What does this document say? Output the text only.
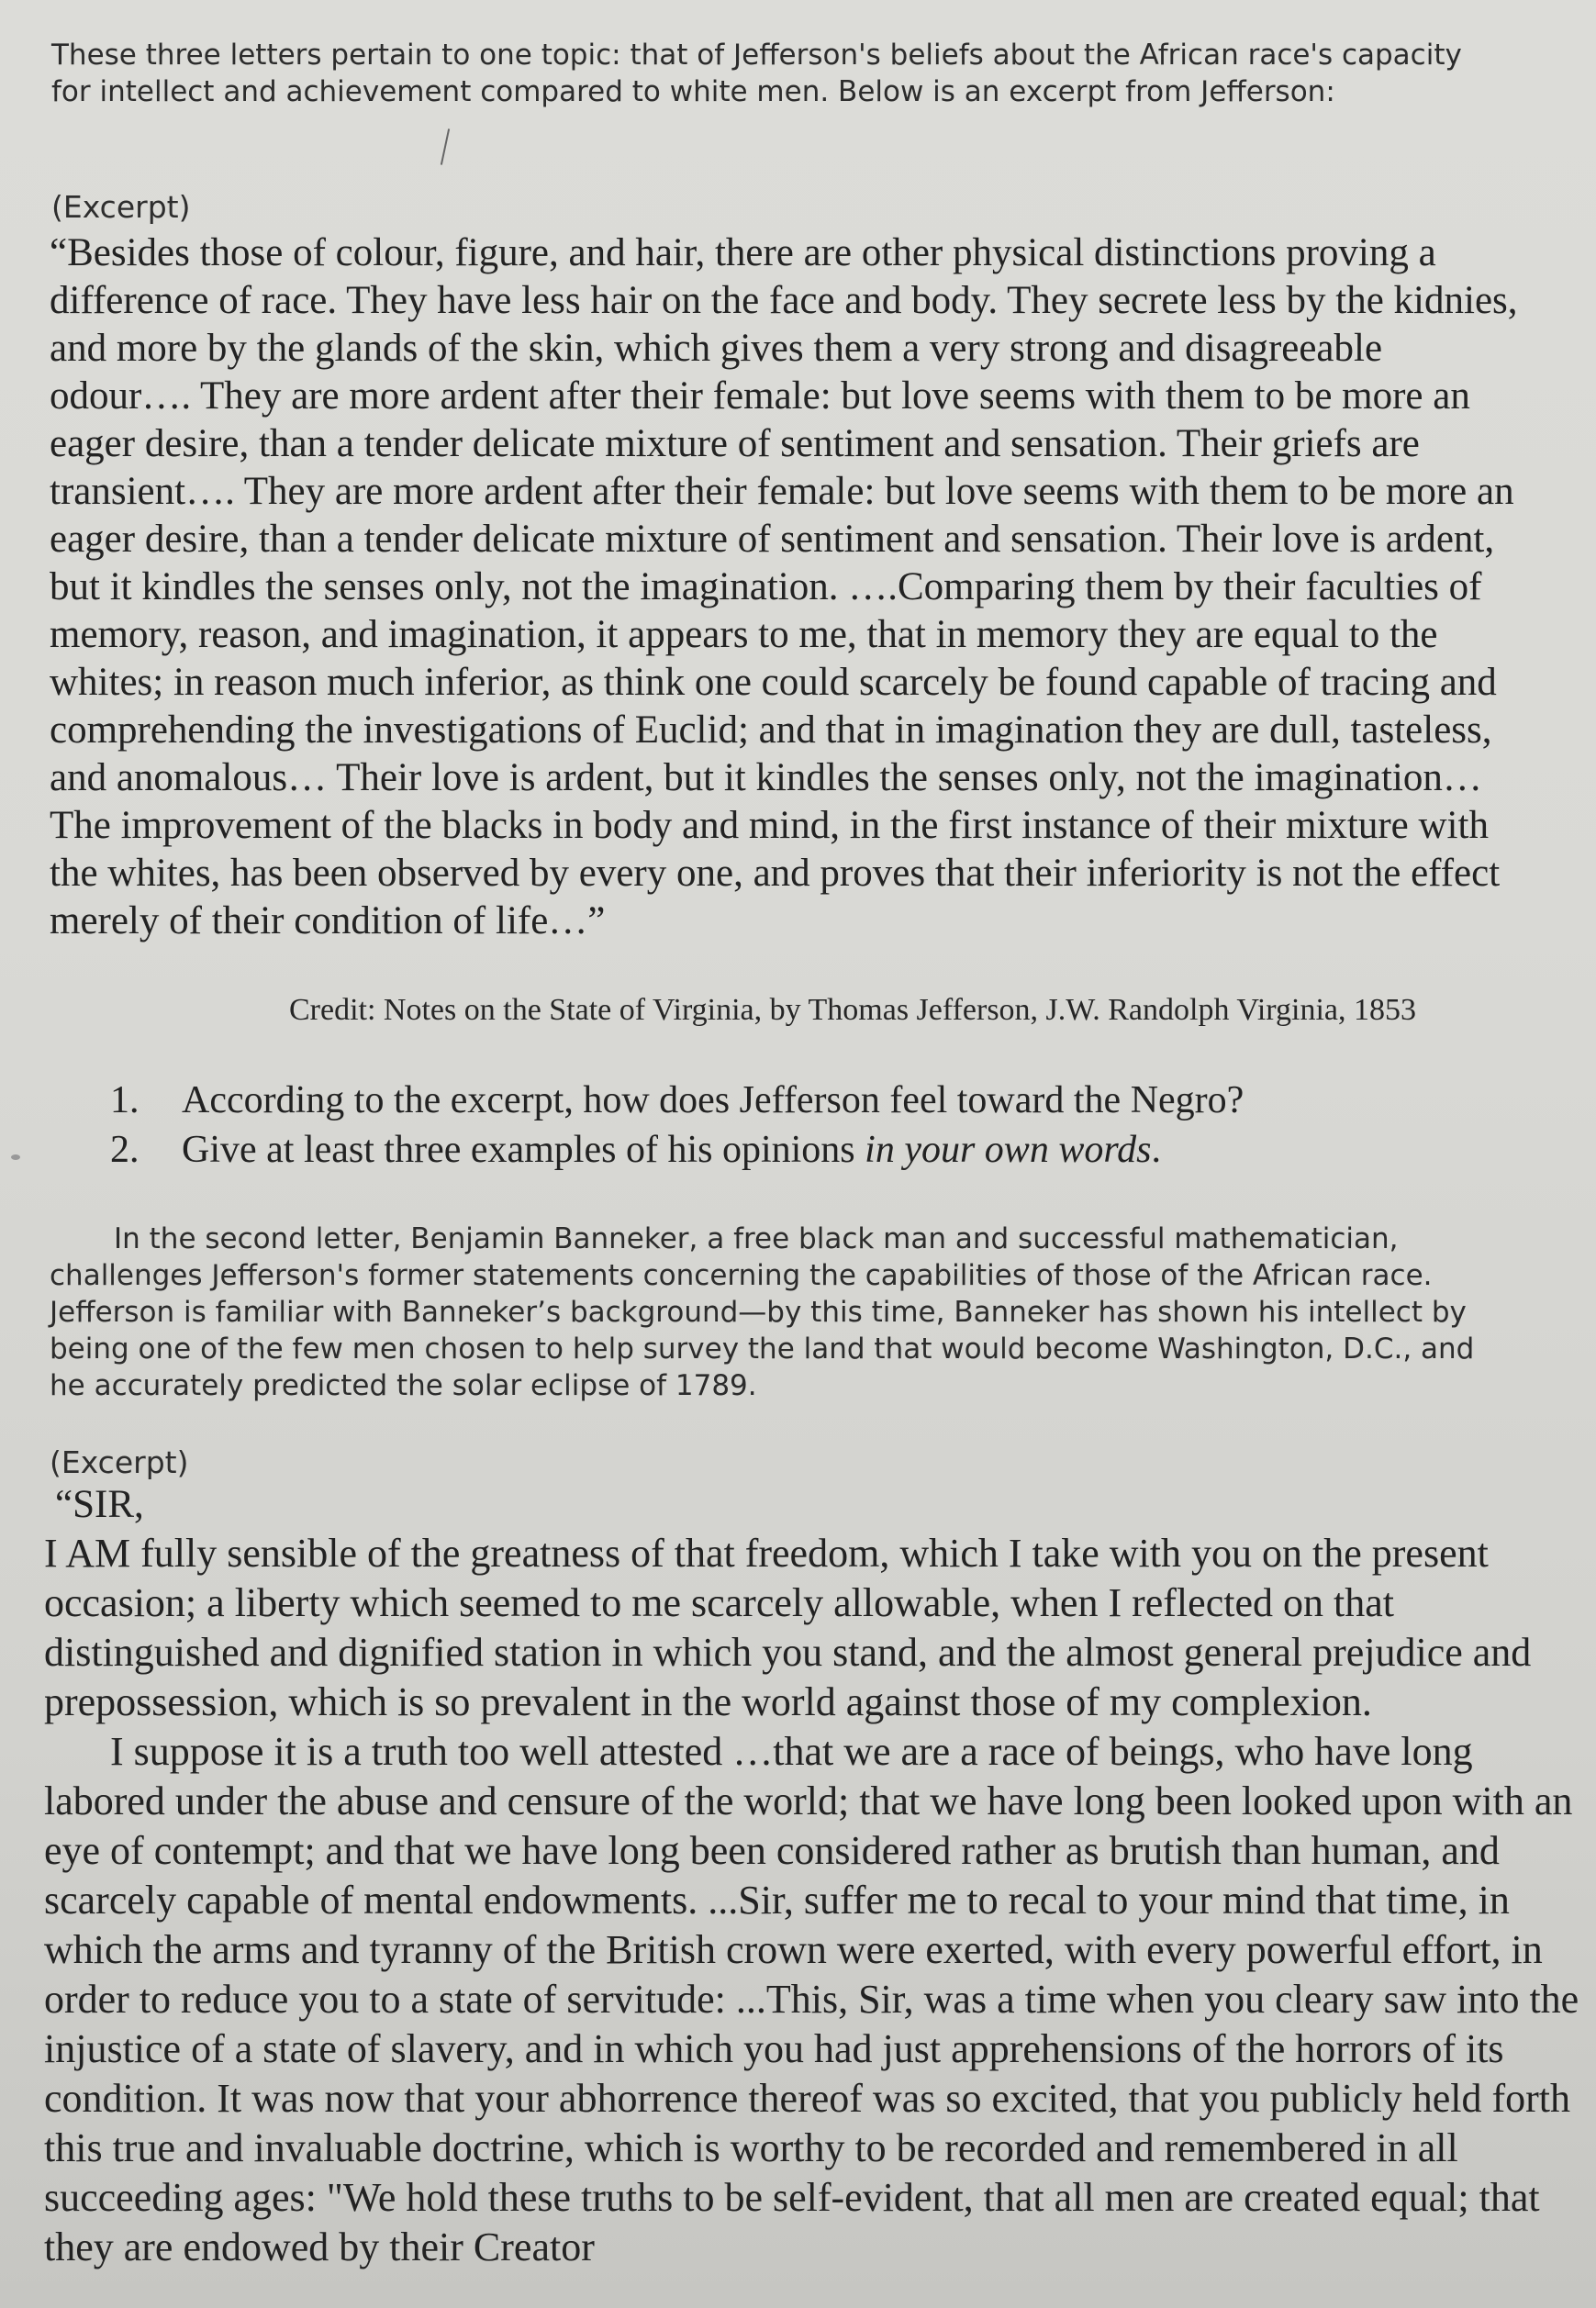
These three letters pertain to one topic: that of Jefferson's beliefs about the African race's capacity for intellect and achievement compared to white men. Below is an excerpt from Jefferson:

(Excerpt)

“Besides those of colour, figure, and hair, there are other physical distinctions proving a difference of race. They have less hair on the face and body. They secrete less by the kidnies, and more by the glands of the skin, which gives them a very strong and disagreeable odour…. They are more ardent after their female: but love seems with them to be more an eager desire, than a tender delicate mixture of sentiment and sensation. Their griefs are transient…. They are more ardent after their female: but love seems with them to be more an eager desire, than a tender delicate mixture of sentiment and sensation. Their love is ardent, but it kindles the senses only, not the imagination. ….Comparing them by their faculties of memory, reason, and imagination, it appears to me, that in memory they are equal to the whites; in reason much inferior, as think one could scarcely be found capable of tracing and comprehending the investigations of Euclid; and that in imagination they are dull, tasteless, and anomalous… Their love is ardent, but it kindles the senses only, not the imagination… The improvement of the blacks in body and mind, in the first instance of their mixture with the whites, has been observed by every one, and proves that their inferiority is not the effect merely of their condition of life…”

Credit: Notes on the State of Virginia, by Thomas Jefferson, J.W. Randolph Virginia, 1853

1. According to the excerpt, how does Jefferson feel toward the Negro?
2. Give at least three examples of his opinions in your own words.

In the second letter, Benjamin Banneker, a free black man and successful mathematician, challenges Jefferson's former statements concerning the capabilities of those of the African race. Jefferson is familiar with Banneker’s background—by this time, Banneker has shown his intellect by being one of the few men chosen to help survey the land that would become Washington, D.C., and he accurately predicted the solar eclipse of 1789.

(Excerpt)

“SIR,

I AM fully sensible of the greatness of that freedom, which I take with you on the present occasion; a liberty which seemed to me scarcely allowable, when I reflected on that distinguished and dignified station in which you stand, and the almost general prejudice and prepossession, which is so prevalent in the world against those of my complexion.

I suppose it is a truth too well attested …that we are a race of beings, who have long labored under the abuse and censure of the world; that we have long been looked upon with an eye of contempt; and that we have long been considered rather as brutish than human, and scarcely capable of mental endowments. ...Sir, suffer me to recal to your mind that time, in which the arms and tyranny of the British crown were exerted, with every powerful effort, in order to reduce you to a state of servitude: ...This, Sir, was a time when you cleary saw into the injustice of a state of slavery, and in which you had just apprehensions of the horrors of its condition. It was now that your abhorrence thereof was so excited, that you publicly held forth this true and invaluable doctrine, which is worthy to be recorded and remembered in all succeeding ages: "We hold these truths to be self-evident, that all men are created equal; that they are endowed by their Creator
